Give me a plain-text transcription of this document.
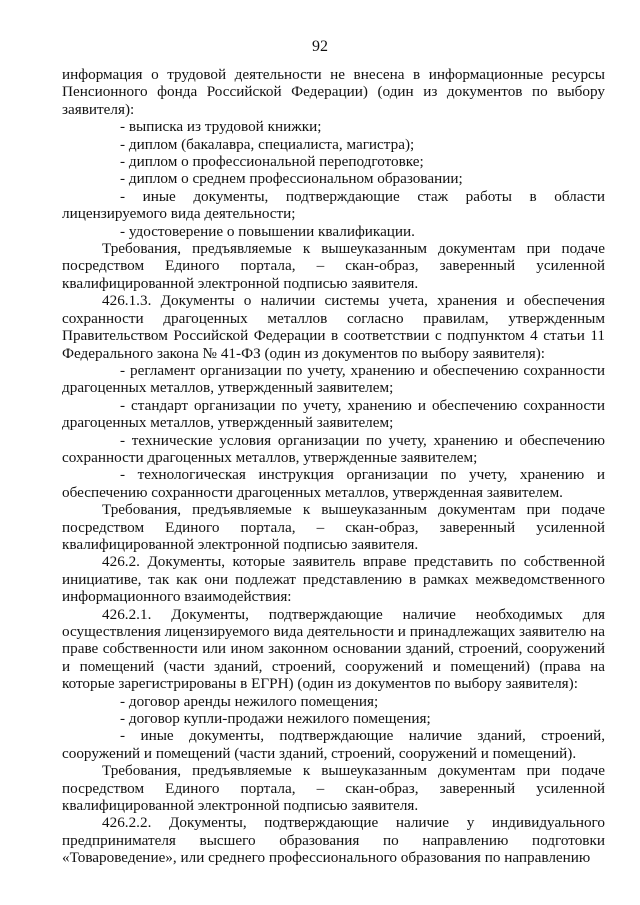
92

информация о трудовой деятельности не внесена в информационные ресурсы Пенсионного фонда Российской Федерации) (один из документов по выбору заявителя):

- выписка из трудовой книжки;

- диплом (бакалавра, специалиста, магистра);

- диплом о профессиональной переподготовке;

- диплом о среднем профессиональном образовании;

- иные документы, подтверждающие стаж работы в области лицензируемого вида деятельности;

- удостоверение о повышении квалификации.

Требования, предъявляемые к вышеуказанным документам при подаче посредством Единого портала, – скан-образ, заверенный усиленной квалифицированной электронной подписью заявителя.

426.1.3. Документы о наличии системы учета, хранения и обеспечения сохранности драгоценных металлов согласно правилам, утвержденным Правительством Российской Федерации в соответствии с подпунктом 4 статьи 11 Федерального закона № 41-ФЗ (один из документов по выбору заявителя):

- регламент организации по учету, хранению и обеспечению сохранности драгоценных металлов, утвержденный заявителем;

- стандарт организации по учету, хранению и обеспечению сохранности драгоценных металлов, утвержденный заявителем;

- технические условия организации по учету, хранению и обеспечению сохранности драгоценных металлов, утвержденные заявителем;

- технологическая инструкция организации по учету, хранению и обеспечению сохранности драгоценных металлов, утвержденная заявителем.

Требования, предъявляемые к вышеуказанным документам при подаче посредством Единого портала, – скан-образ, заверенный усиленной квалифицированной электронной подписью заявителя.

426.2. Документы, которые заявитель вправе представить по собственной инициативе, так как они подлежат представлению в рамках межведомственного информационного взаимодействия:

426.2.1. Документы, подтверждающие наличие необходимых для осуществления лицензируемого вида деятельности и принадлежащих заявителю на праве собственности или ином законном основании зданий, строений, сооружений и помещений (части зданий, строений, сооружений и помещений) (права на которые зарегистрированы в ЕГРН) (один из документов по выбору заявителя):

- договор аренды нежилого помещения;

- договор купли-продажи нежилого помещения;

- иные документы, подтверждающие наличие зданий, строений, сооружений и помещений (части зданий, строений, сооружений и помещений).

Требования, предъявляемые к вышеуказанным документам при подаче посредством Единого портала, – скан-образ, заверенный усиленной квалифицированной электронной подписью заявителя.

426.2.2. Документы, подтверждающие наличие у индивидуального предпринимателя высшего образования по направлению подготовки «Товароведение», или среднего профессионального образования по направлению
